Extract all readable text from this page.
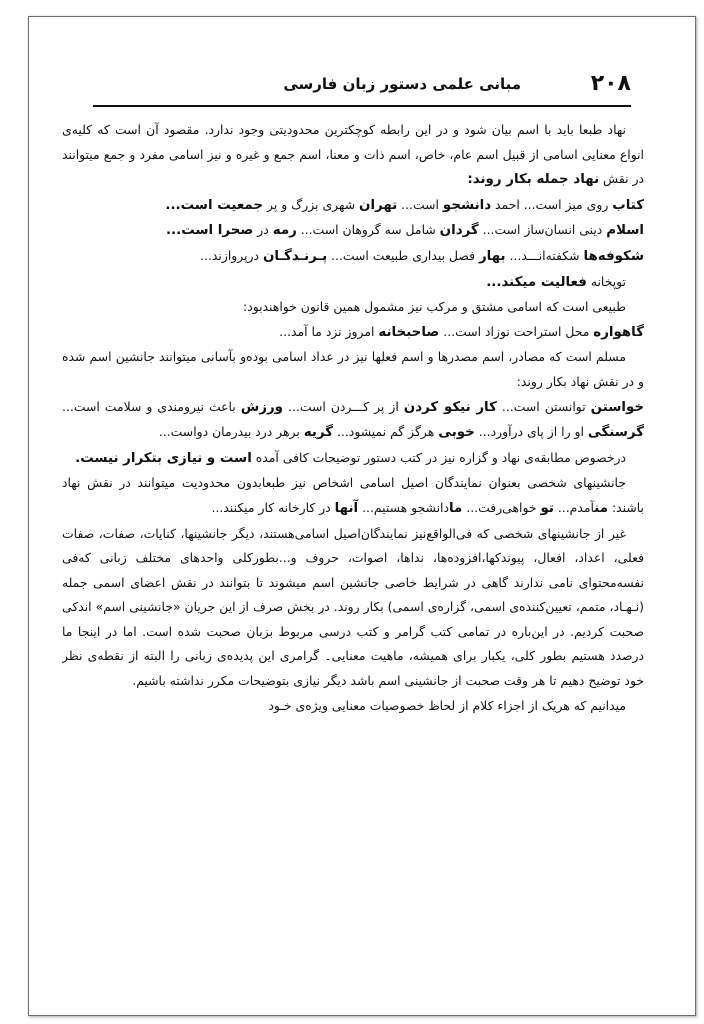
۲۰۸
مبانی علمی دستور زبان فارسی

نهاد طبعا باید با اسم بیان شود و در این رابطه کوچکترین محدودیتی وجود ندارد. مقصود آن است که کلیه‌ی انواع معنایی اسامی از قبیل اسم عام، خاص، اسم ذات و معنا، اسم جمع و غیره و نیز اسامی مفرد و جمع میتوانند در نقش نهاد جمله بکار روند:

کتاب روی میز است... احمد دانشجو است... تهران شهری بزرگ و پر جمعیت است...

اسلام دینی انسان‌ساز است... گردان شامل سه گروهان است... رمه در صحرا است...

شکوفه‌ها شکفته‌انـــد... بهار فصل بیداری طبیعت است... پـرنـدگـان درپروازند...

توپخانه فعالیت میکند...

طبیعی است که اسامی مشتق و مرکب نیز مشمول همین قانون خواهندبود:

گاهواره محل استراحت نوزاد است... صاحبخانه امروز نزد ما آمد...

مسلم است که مصادر، اسم مصدرها و اسم فعلها نیز در عداد اسامی بوده‌و بآسانی میتوانند جانشین اسم شده و در نقش نهاد بکار روند:

خواستن توانستن است... کار نیکو کردن از پر کـــردن است... ورزش باعث نیرومندی و سلامت است... گرسنگی او را از پای درآورد... خوبی هرگز گم نمیشود... گریه برهر درد بیدرمان دواست...

درخصوص مطابقه‌ی نهاد و گزاره نیز در کتب دستور توضیحات کافی آمده است و نیازی بتکرار نیست.

جانشینهای شخصی بعنوان نمایندگان اصیل اسامی اشخاص نیز طبعابدون محدودیت میتوانند در نقش نهاد باشند: منآمدم... تو خواهی‌رفت... مادانشجو هستیم... آنها در کارخانه کار میکنند...

غیر از جانشینهای شخصی که فی‌الواقع‌نیز نمایندگان‌اصیل اسامی‌هستند، دیگر جانشینها، کنایات، صفات، صفات فعلی، اعداد، افعال، پیوندکها،افزوده‌ها، ندا‌ها، اصوات، حروف و...بطورکلی واحدهای مختلف زبانی که‌فی نفسه‌محتوای نامی ندارند گاهی در شرایط خاصی جانشین اسم میشوند تا بتوانند در نقش اعضای اسمی جمله (نـهـاد، متمم، تعیین‌کننده‌ی اسمی، گزاره‌ی اسمی) بکار روند. در بخش صرف از این جریان «جانشینی اسم» اندکی صحبت کردیم. در این‌باره در تمامی کتب گرامر و کتب درسی مربوط بزبان صحبت شده است. اما در اینجا ما درصدد هستیم بطور کلی، یکبار برای همیشه، ماهیت معنایی۔ گرامری این پدیده‌ی زبانی را البته از نقطه‌ی نظر خود توضیح دهیم تا هر وقت صحبت از جانشینی اسم باشد دیگر نیازی بتوضیحات مکرر نداشته باشیم.

میدانیم که هریک از اجزاء کلام از لحاظ خصوصیات معنایی ویژه‌ی خـود
